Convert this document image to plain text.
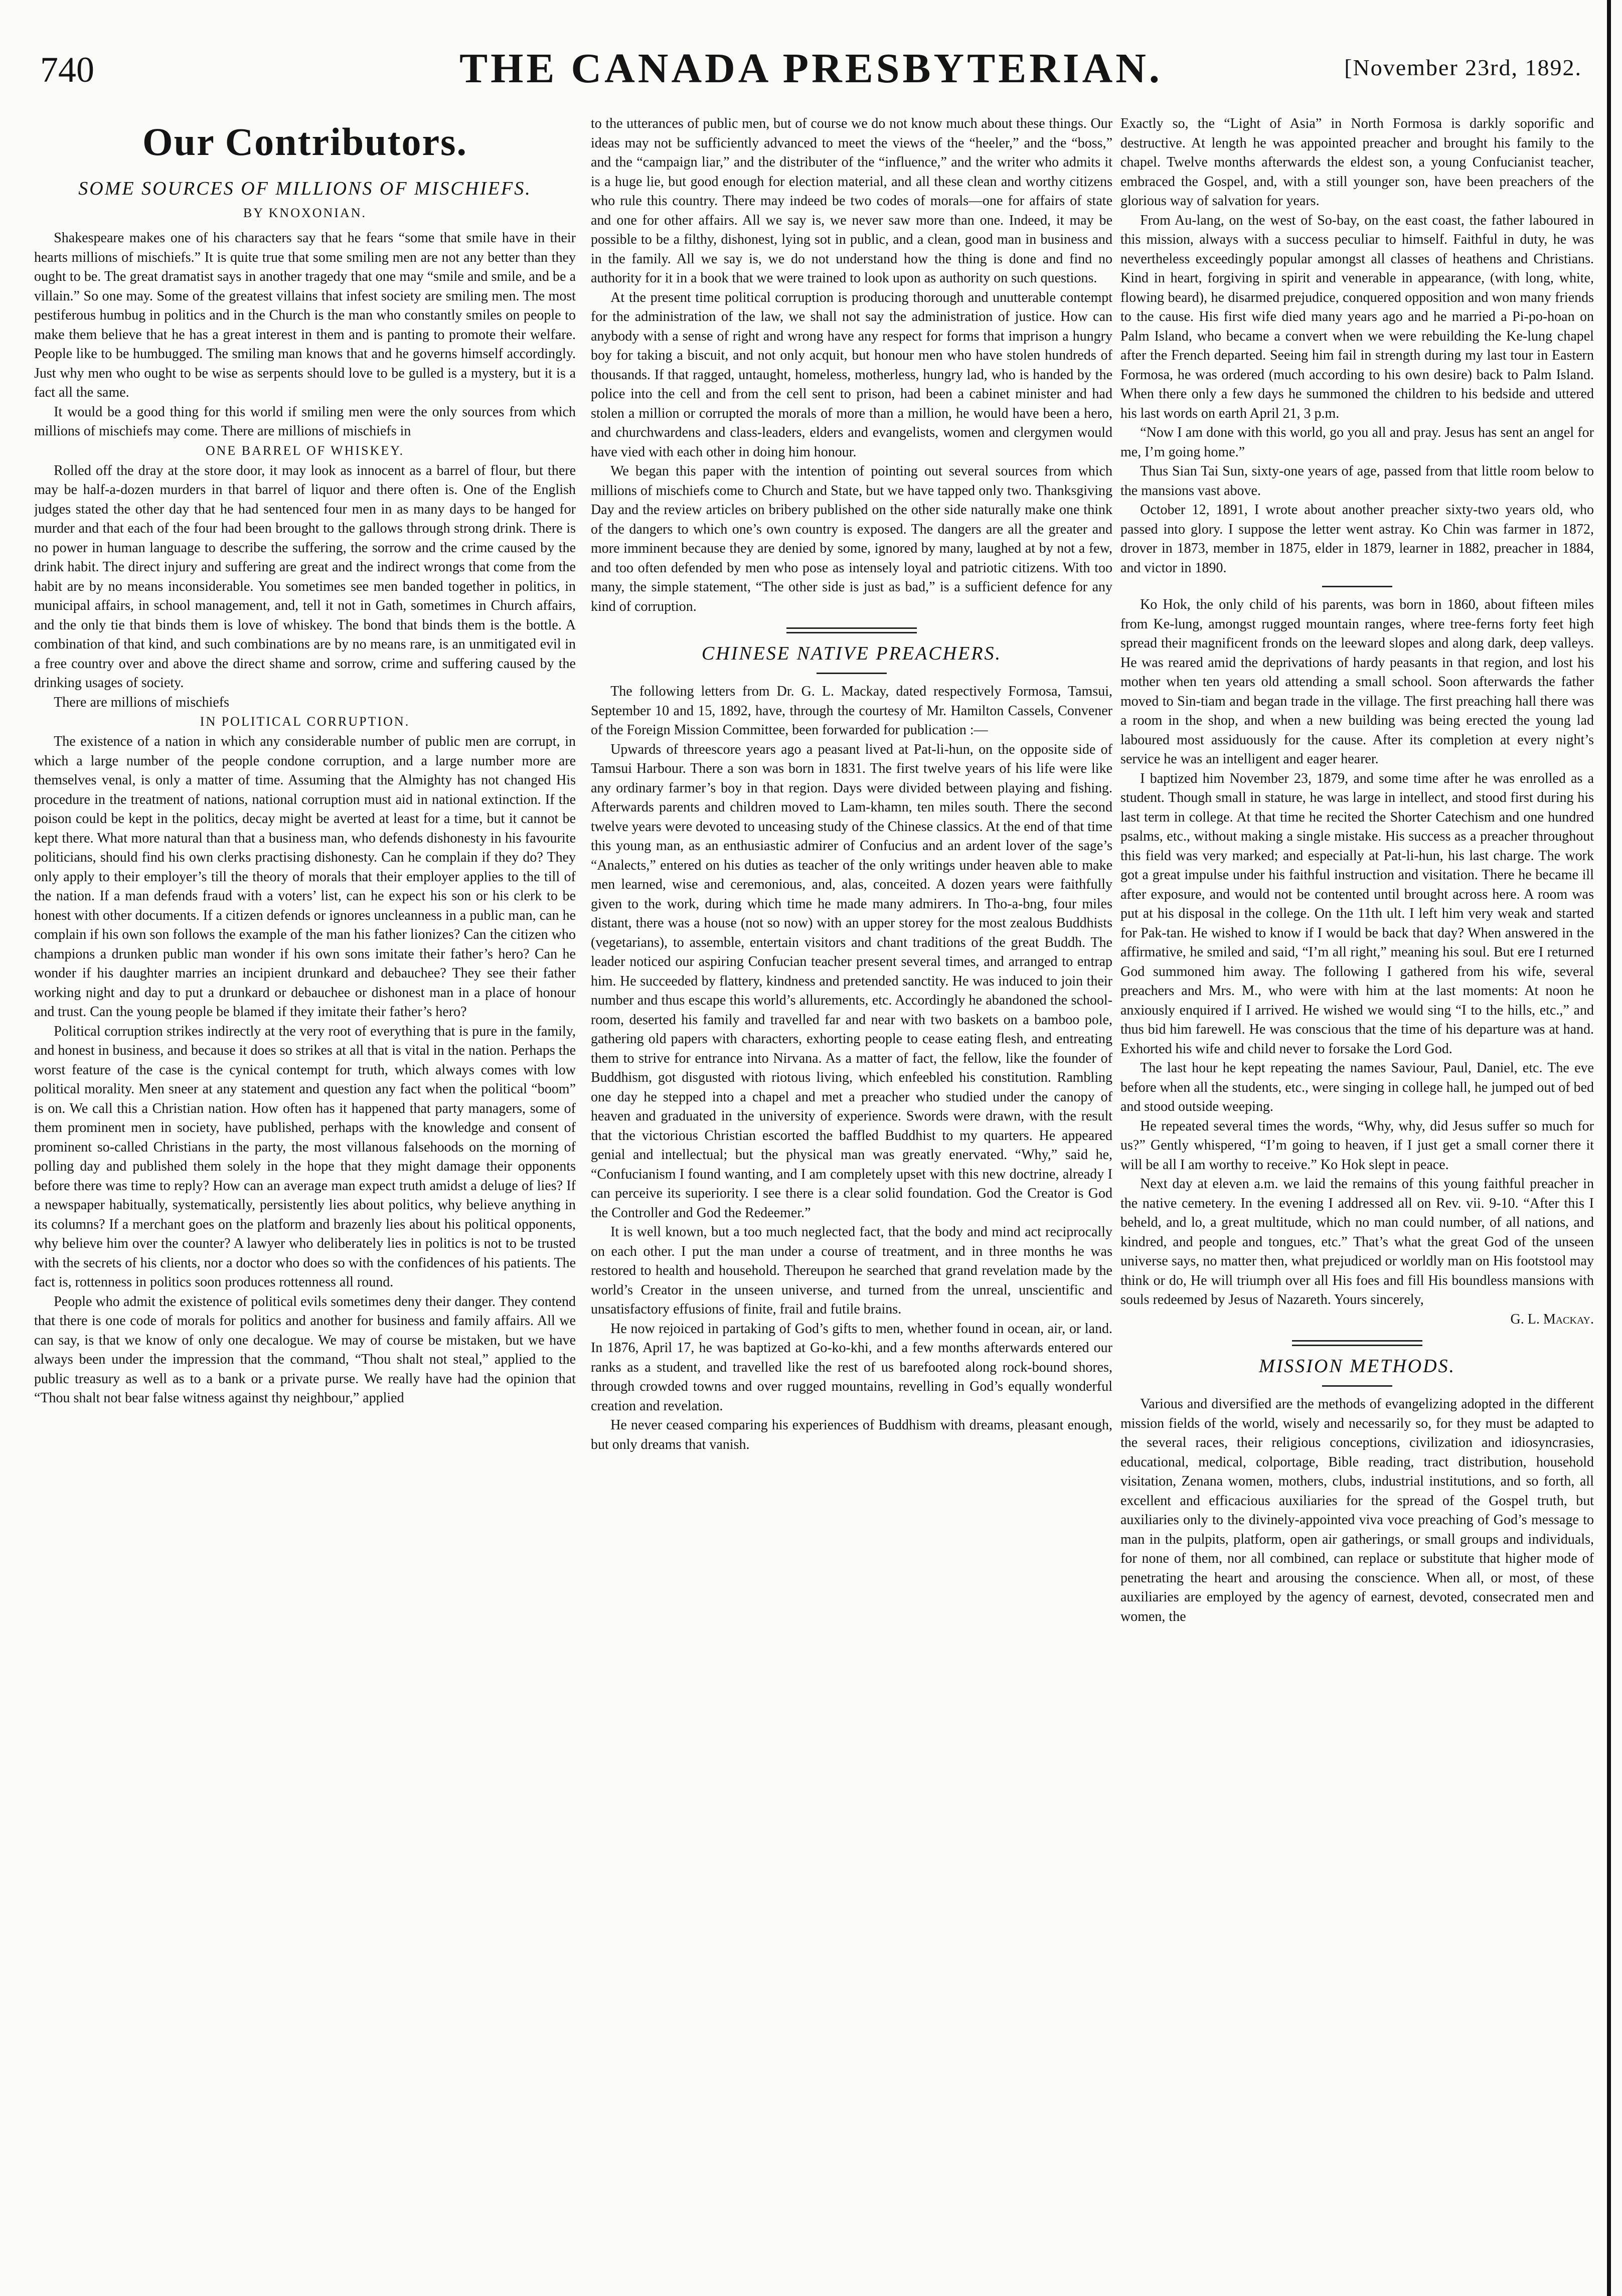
740	THE CANADA PRESBYTERIAN.	[November 23rd, 1892.
Our Contributors.
SOME SOURCES OF MILLIONS OF MISCHIEFS.
BY KNOXONIAN.

Shakespeare makes one of his characters say that he fears “some that smile have in their hearts millions of mischiefs.” It is quite true that some smiling men are not any better than they ought to be. The great dramatist says in another tragedy that one may “smile and smile, and be a villain.” So one may. Some of the greatest villains that infest society are smiling men. The most pestiferous humbug in politics and in the Church is the man who constantly smiles on people to make them believe that he has a great interest in them and is panting to promote their welfare. People like to be humbugged. The smiling man knows that and he governs himself accordingly. Just why men who ought to be wise as serpents should love to be gulled is a mystery, but it is a fact all the same.

It would be a good thing for this world if smiling men were the only sources from which millions of mischiefs may come. There are millions of mischiefs in

ONE BARREL OF WHISKEY.

Rolled off the dray at the store door, it may look as innocent as a barrel of flour, but there may be half-a-dozen murders in that barrel of liquor and there often is. One of the English judges stated the other day that he had sentenced four men in as many days to be hanged for murder and that each of the four had been brought to the gallows through strong drink. There is no power in human language to describe the suffering, the sorrow and the crime caused by the drink habit. The direct injury and suffering are great and the indirect wrongs that come from the habit are by no means inconsiderable. You sometimes see men banded together in politics, in municipal affairs, in school management, and, tell it not in Gath, sometimes in Church affairs, and the only tie that binds them is love of whiskey. The bond that binds them is the bottle. A combination of that kind, and such combinations are by no means rare, is an unmitigated evil in a free country over and above the direct shame and sorrow, crime and suffering caused by the drinking usages of society.

There are millions of mischiefs

IN POLITICAL CORRUPTION.

The existence of a nation in which any considerable number of public men are corrupt, in which a large number of the people condone corruption, and a large number more are themselves venal, is only a matter of time. Assuming that the Almighty has not changed His procedure in the treatment of nations, national corruption must aid in national extinction. If the poison could be kept in the politics, decay might be averted at least for a time, but it cannot be kept there. What more natural than that a business man, who defends dishonesty in his favourite politicians, should find his own clerks practising dishonesty. Can he complain if they do? They only apply to their employer’s till the theory of morals that their employer applies to the till of the nation. If a man defends fraud with a voters’ list, can he expect his son or his clerk to be honest with other documents. If a citizen defends or ignores uncleanness in a public man, can he complain if his own son follows the example of the man his father lionizes? Can the citizen who champions a drunken public man wonder if his own sons imitate their father’s hero? Can he wonder if his daughter marries an incipient drunkard and debauchee? They see their father working night and day to put a drunkard or debauchee or dishonest man in a place of honour and trust. Can the young people be blamed if they imitate their father’s hero?

Political corruption strikes indirectly at the very root of everything that is pure in the family, and honest in business, and because it does so strikes at all that is vital in the nation. Perhaps the worst feature of the case is the cynical contempt for truth, which always comes with low political morality. Men sneer at any statement and question any fact when the political “boom” is on. We call this a Christian nation. How often has it happened that party managers, some of them prominent men in society, have published, perhaps with the knowledge and consent of prominent so-called Christians in the party, the most villanous falsehoods on the morning of polling day and published them solely in the hope that they might damage their opponents before there was time to reply? How can an average man expect truth amidst a deluge of lies? If a newspaper habitually, systematically, persistently lies about politics, why believe anything in its columns? If a merchant goes on the platform and brazenly lies about his political opponents, why believe him over the counter? A lawyer who deliberately lies in politics is not to be trusted with the secrets of his clients, nor a doctor who does so with the confidences of his patients. The fact is, rottenness in politics soon produces rottenness all round.

People who admit the existence of political evils sometimes deny their danger. They contend that there is one code of morals for politics and another for business and family affairs. All we can say, is that we know of only one decalogue. We may of course be mistaken, but we have always been under the impression that the command, “Thou shalt not steal,” applied to the public treasury as well as to a bank or a private purse. We really have had the opinion that “Thou shalt not bear false witness against thy neighbour,” applied

to the utterances of public men, but of course we do not know much about these things. Our ideas may not be sufficiently advanced to meet the views of the “heeler,” and the “boss,” and the “campaign liar,” and the distributer of the “influence,” and the writer who admits it is a huge lie, but good enough for election material, and all these clean and worthy citizens who rule this country. There may indeed be two codes of morals—one for affairs of state and one for other affairs. All we say is, we never saw more than one. Indeed, it may be possible to be a filthy, dishonest, lying sot in public, and a clean, good man in business and in the family. All we say is, we do not understand how the thing is done and find no authority for it in a book that we were trained to look upon as authority on such questions.

At the present time political corruption is producing thorough and unutterable contempt for the administration of the law, we shall not say the administration of justice. How can anybody with a sense of right and wrong have any respect for forms that imprison a hungry boy for taking a biscuit, and not only acquit, but honour men who have stolen hundreds of thousands. If that ragged, untaught, homeless, motherless, hungry lad, who is handed by the police into the cell and from the cell sent to prison, had been a cabinet minister and had stolen a million or corrupted the morals of more than a million, he would have been a hero, and churchwardens and class-leaders, elders and evangelists, women and clergymen would have vied with each other in doing him honour.

We began this paper with the intention of pointing out several sources from which millions of mischiefs come to Church and State, but we have tapped only two. Thanksgiving Day and the review articles on bribery published on the other side naturally make one think of the dangers to which one’s own country is exposed. The dangers are all the greater and more imminent because they are denied by some, ignored by many, laughed at by not a few, and too often defended by men who pose as intensely loyal and patriotic citizens. With too many, the simple statement, “The other side is just as bad,” is a sufficient defence for any kind of corruption.

CHINESE NATIVE PREACHERS.

The following letters from Dr. G. L. Mackay, dated respectively Formosa, Tamsui, September 10 and 15, 1892, have, through the courtesy of Mr. Hamilton Cassels, Convener of the Foreign Mission Committee, been forwarded for publication :—

Upwards of threescore years ago a peasant lived at Pat-li-hun, on the opposite side of Tamsui Harbour. There a son was born in 1831. The first twelve years of his life were like any ordinary farmer’s boy in that region. Days were divided between playing and fishing. Afterwards parents and children moved to Lam-khamn, ten miles south. There the second twelve years were devoted to unceasing study of the Chinese classics. At the end of that time this young man, as an enthusiastic admirer of Confucius and an ardent lover of the sage’s “Analects,” entered on his duties as teacher of the only writings under heaven able to make men learned, wise and ceremonious, and, alas, conceited. A dozen years were faithfully given to the work, during which time he made many admirers. In Tho-a-bng, four miles distant, there was a house (not so now) with an upper storey for the most zealous Buddhists (vegetarians), to assemble, entertain visitors and chant traditions of the great Buddh. The leader noticed our aspiring Confucian teacher present several times, and arranged to entrap him. He succeeded by flattery, kindness and pretended sanctity. He was induced to join their number and thus escape this world’s allurements, etc. Accordingly he abandoned the school-room, deserted his family and travelled far and near with two baskets on a bamboo pole, gathering old papers with characters, exhorting people to cease eating flesh, and entreating them to strive for entrance into Nirvana. As a matter of fact, the fellow, like the founder of Buddhism, got disgusted with riotous living, which enfeebled his constitution. Rambling one day he stepped into a chapel and met a preacher who studied under the canopy of heaven and graduated in the university of experience. Swords were drawn, with the result that the victorious Christian escorted the baffled Buddhist to my quarters. He appeared genial and intellectual; but the physical man was greatly enervated. “Why,” said he, “Confucianism I found wanting, and I am completely upset with this new doctrine, already I can perceive its superiority. I see there is a clear solid foundation. God the Creator is God the Controller and God the Redeemer.”

It is well known, but a too much neglected fact, that the body and mind act reciprocally on each other. I put the man under a course of treatment, and in three months he was restored to health and household. Thereupon he searched that grand revelation made by the world’s Creator in the unseen universe, and turned from the unreal, unscientific and unsatisfactory effusions of finite, frail and futile brains.

He now rejoiced in partaking of God’s gifts to men, whether found in ocean, air, or land. In 1876, April 17, he was baptized at Go-ko-khi, and a few months afterwards entered our ranks as a student, and travelled like the rest of us barefooted along rock-bound shores, through crowded towns and over rugged mountains, revelling in God’s equally wonderful creation and revelation.

He never ceased comparing his experiences of Buddhism with dreams, pleasant enough, but only dreams that vanish.

Exactly so, the “Light of Asia” in North Formosa is darkly soporific and destructive. At length he was appointed preacher and brought his family to the chapel. Twelve months afterwards the eldest son, a young Confucianist teacher, embraced the Gospel, and, with a still younger son, have been preachers of the glorious way of salvation for years.

From Au-lang, on the west of So-bay, on the east coast, the father laboured in this mission, always with a success peculiar to himself. Faithful in duty, he was nevertheless exceedingly popular amongst all classes of heathens and Christians. Kind in heart, forgiving in spirit and venerable in appearance, (with long, white, flowing beard), he disarmed prejudice, conquered opposition and won many friends to the cause. His first wife died many years ago and he married a Pi-po-hoan on Palm Island, who became a convert when we were rebuilding the Ke-lung chapel after the French departed. Seeing him fail in strength during my last tour in Eastern Formosa, he was ordered (much according to his own desire) back to Palm Island. When there only a few days he summoned the children to his bedside and uttered his last words on earth April 21, 3 p.m.

“Now I am done with this world, go you all and pray. Jesus has sent an angel for me, I’m going home.”

Thus Sian Tai Sun, sixty-one years of age, passed from that little room below to the mansions vast above.

October 12, 1891, I wrote about another preacher sixty-two years old, who passed into glory. I suppose the letter went astray. Ko Chin was farmer in 1872, drover in 1873, member in 1875, elder in 1879, learner in 1882, preacher in 1884, and victor in 1890.

Ko Hok, the only child of his parents, was born in 1860, about fifteen miles from Ke-lung, amongst rugged mountain ranges, where tree-ferns forty feet high spread their magnificent fronds on the leeward slopes and along dark, deep valleys. He was reared amid the deprivations of hardy peasants in that region, and lost his mother when ten years old attending a small school. Soon afterwards the father moved to Sin-tiam and began trade in the village. The first preaching hall there was a room in the shop, and when a new building was being erected the young lad laboured most assiduously for the cause. After its completion at every night’s service he was an intelligent and eager hearer.

I baptized him November 23, 1879, and some time after he was enrolled as a student. Though small in stature, he was large in intellect, and stood first during his last term in college. At that time he recited the Shorter Catechism and one hundred psalms, etc., without making a single mistake. His success as a preacher throughout this field was very marked; and especially at Pat-li-hun, his last charge. The work got a great impulse under his faithful instruction and visitation. There he became ill after exposure, and would not be contented until brought across here. A room was put at his disposal in the college. On the 11th ult. I left him very weak and started for Pak-tan. He wished to know if I would be back that day? When answered in the affirmative, he smiled and said, “I’m all right,” meaning his soul. But ere I returned God summoned him away. The following I gathered from his wife, several preachers and Mrs. M., who were with him at the last moments: At noon he anxiously enquired if I arrived. He wished we would sing “I to the hills, etc.,” and thus bid him farewell. He was conscious that the time of his departure was at hand. Exhorted his wife and child never to forsake the Lord God.

The last hour he kept repeating the names Saviour, Paul, Daniel, etc. The eve before when all the students, etc., were singing in college hall, he jumped out of bed and stood outside weeping.

He repeated several times the words, “Why, why, did Jesus suffer so much for us?” Gently whispered, “I’m going to heaven, if I just get a small corner there it will be all I am worthy to receive.” Ko Hok slept in peace.

Next day at eleven a.m. we laid the remains of this young faithful preacher in the native cemetery. In the evening I addressed all on Rev. vii. 9-10. “After this I beheld, and lo, a great multitude, which no man could number, of all nations, and kindred, and people and tongues, etc.” That’s what the great God of the unseen universe says, no matter then, what prejudiced or worldly man on His footstool may think or do, He will triumph over all His foes and fill His boundless mansions with souls redeemed by Jesus of Nazareth. Yours sincerely,

G. L. Mackay.
MISSION METHODS.

Various and diversified are the methods of evangelizing adopted in the different mission fields of the world, wisely and necessarily so, for they must be adapted to the several races, their religious conceptions, civilization and idiosyncrasies, educational, medical, colportage, Bible reading, tract distribution, household visitation, Zenana women, mothers, clubs, industrial institutions, and so forth, all excellent and efficacious auxiliaries for the spread of the Gospel truth, but auxiliaries only to the divinely-appointed viva voce preaching of God’s message to man in the pulpits, platform, open air gatherings, or small groups and individuals, for none of them, nor all combined, can replace or substitute that higher mode of penetrating the heart and arousing the conscience. When all, or most, of these auxiliaries are employed by the agency of earnest, devoted, consecrated men and women, the
